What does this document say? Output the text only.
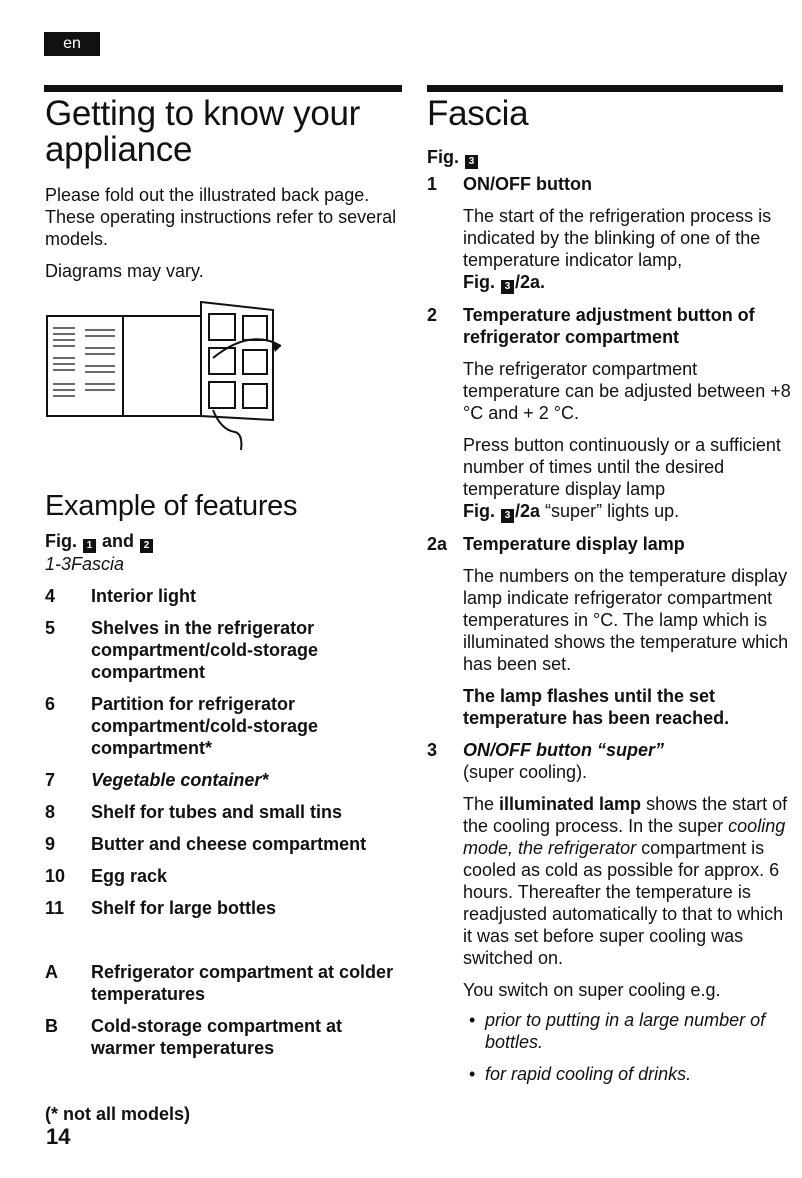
en
Getting to know your appliance

Please fold out the illustrated back page. These operating instructions refer to several models.

Diagrams may vary.

Example of features
Fig. 1 and 2

1-3Fascia

4	Interior light
5	Shelves in the refrigerator compartment/cold-storage compartment
6	Partition for refrigerator compartment/cold-storage compartment*
7	Vegetable container*
8	Shelf for tubes and small tins
9	Butter and cheese compartment
10	Egg rack
11	Shelf for large bottles
A	Refrigerator compartment at colder temperatures
B	Cold-storage compartment at warmer temperatures

(* not all models)

14
Fascia
Fig. 3
1	ON/OFF button

The start of the refrigeration process is indicated by the blinking of one of the temperature indicator lamp,

Fig. 3 /2a.
2	Temperature adjustment button of refrigerator compartment

The refrigerator compartment temperature can be adjusted between +8 °C and + 2 °C.

Press button continuously or a sufficient number of times until the desired temperature display lamp

Fig. 3 /2a “super” lights up.
2a Temperature display lamp

The numbers on the temperature display lamp indicate refrigerator compartment temperatures in °C. The lamp which is illuminated shows the temperature which has been set.

The lamp flashes until the set temperature has been reached.

3	ON/OFF button “super”

(super cooling).

The illuminated lamp shows the start of the cooling process. In the super cooling mode, the refrigerator compartment is cooled as cold as possible for approx. 6 hours. Thereafter the temperature is readjusted automatically to that to which it was set before super cooling was switched on.

You switch on super cooling e.g.

• prior to putting in a large number of bottles.
• for rapid cooling of drinks.
